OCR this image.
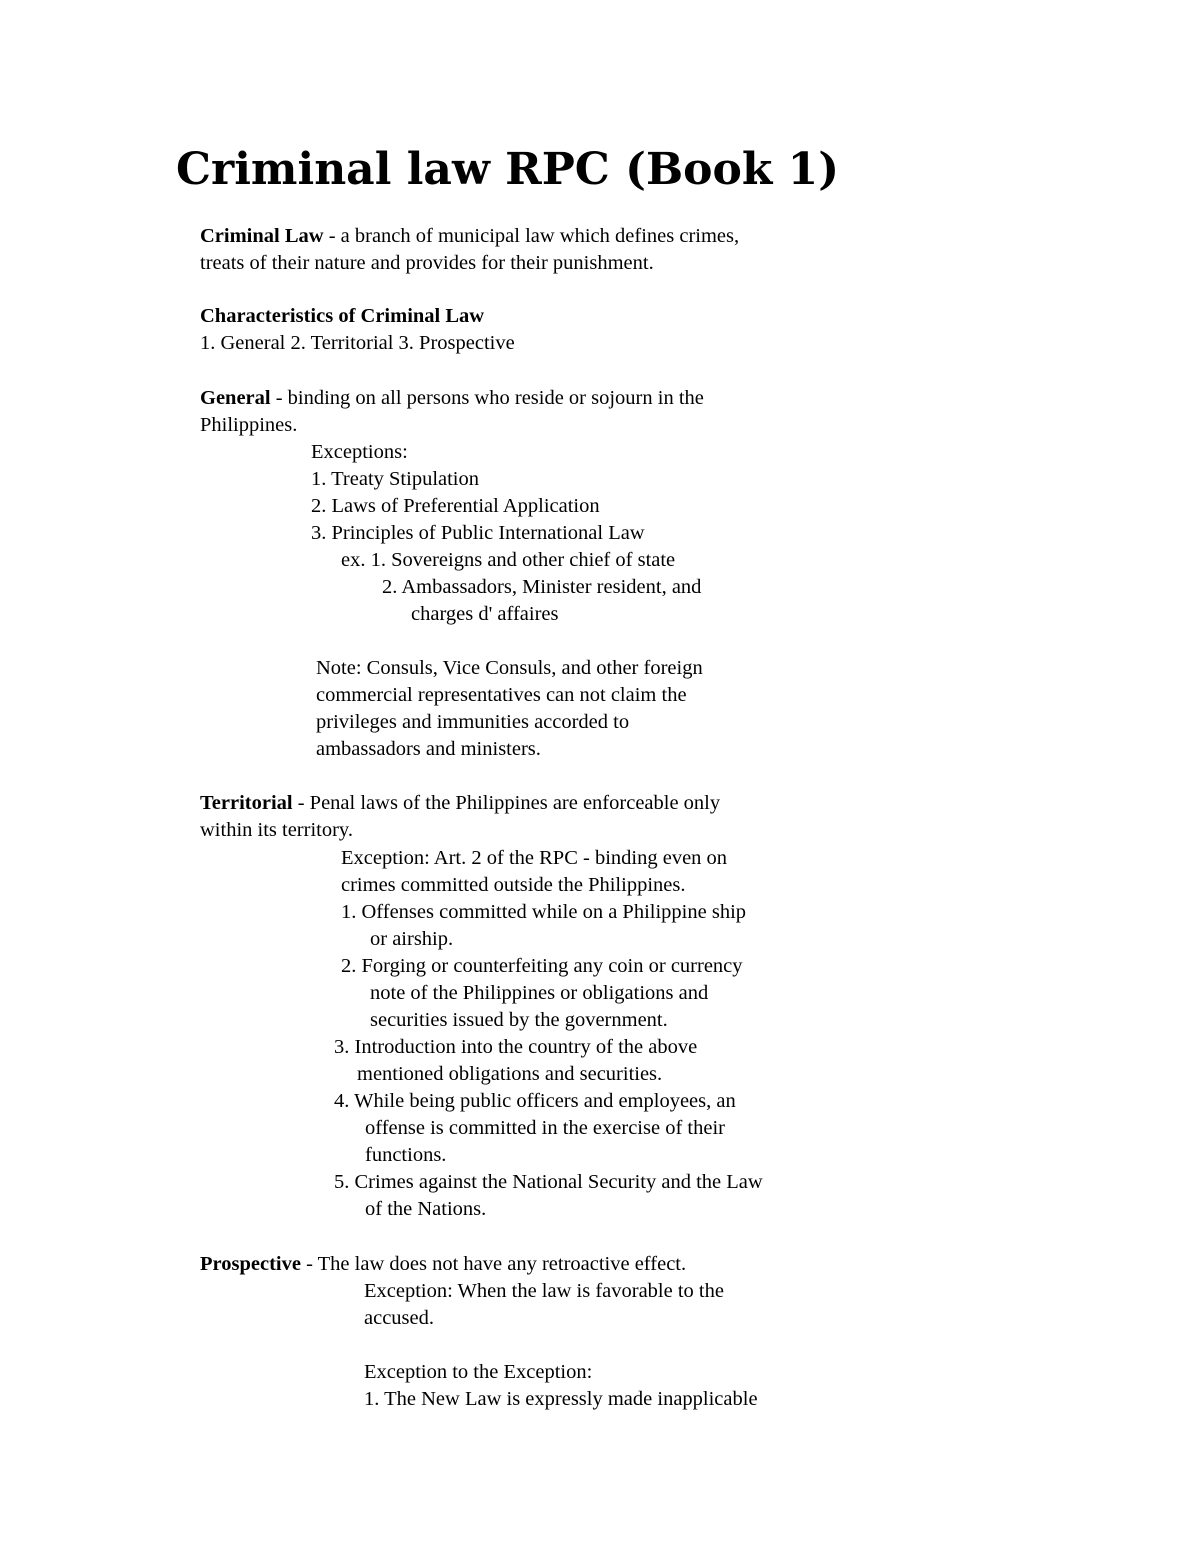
Criminal law RPC (Book 1)

Criminal Law - a branch of municipal law which defines crimes,

treats of their nature and provides for their punishment.

Characteristics of Criminal Law

1. General 2. Territorial 3. Prospective

General - binding on all persons who reside or sojourn in the

Philippines.

Exceptions:

1. Treaty Stipulation

2. Laws of Preferential Application

3. Principles of Public International Law

ex. 1. Sovereigns and other chief of state

2. Ambassadors, Minister resident, and

charges d' affaires

Note: Consuls, Vice Consuls, and other foreign

commercial representatives can not claim the

privileges and immunities accorded to

ambassadors and ministers.

Territorial - Penal laws of the Philippines are enforceable only

within its territory.

Exception: Art. 2 of the RPC - binding even on

crimes committed outside the Philippines.

1. Offenses committed while on a Philippine ship

or airship.

2. Forging or counterfeiting any coin or currency

note of the Philippines or obligations and

securities issued by the government.

3. Introduction into the country of the above

mentioned obligations and securities.

4. While being public officers and employees, an

offense is committed in the exercise of their

functions.

5. Crimes against the National Security and the Law

of the Nations.

Prospective - The law does not have any retroactive effect.

Exception: When the law is favorable to the

accused.

Exception to the Exception:

1. The New Law is expressly made inapplicable
